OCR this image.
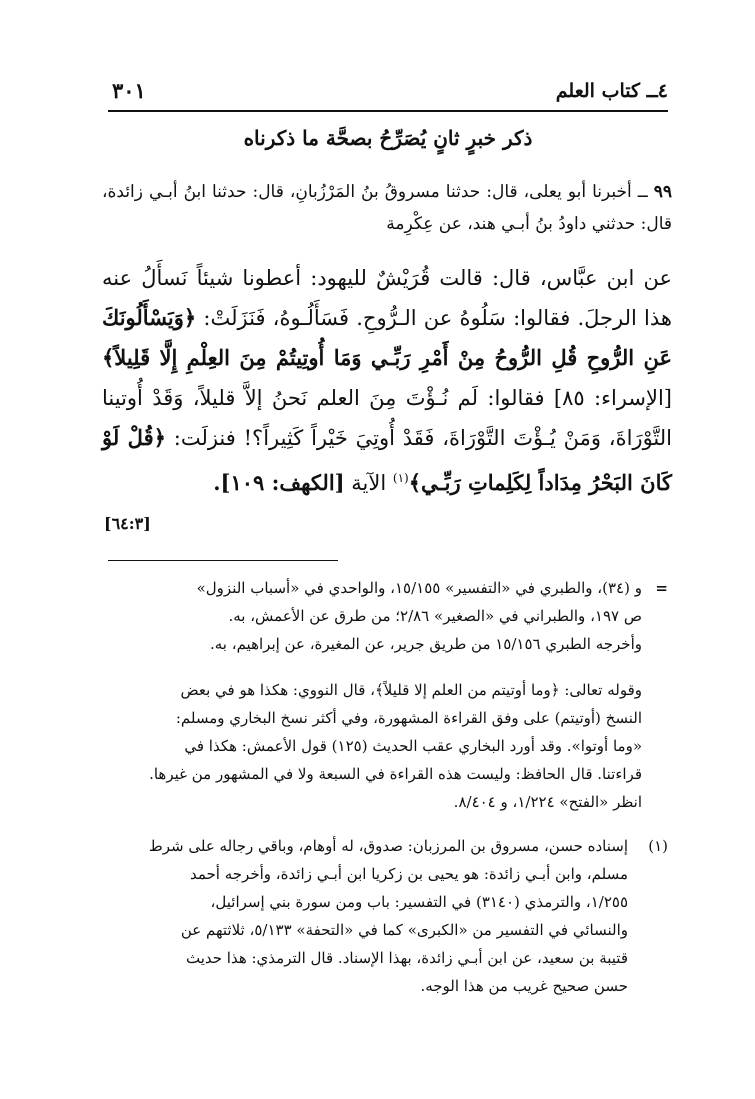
٤ــ كتاب العلم
٣٠١
ذكر خبرٍ ثانٍ يُصَرِّحُ بصحَّة ما ذكرناه
٩٩ ــ أخبرنا أبو يعلى، قال: حدثنا مسروقُ بنُ المَرْزُبانِ، قال: حدثنا ابنُ أبـي زائدة، قال: حدثني داودُ بنُ أبـي هند، عن عِكْرِمة
عن ابن عبَّاس، قال: قالت قُرَيْشٌ لليهود: أعطونا شيئاً نَسأَلُ عنه هذا الرجلَ. فقالوا: سَلُوهُ عن الـرُّوحِ. فَسَأَلُـوهُ، فَنَزَلَتْ: ﴿وَيَسْأَلُونَكَ عَنِ الرُّوحِ قُلِ الرُّوحُ مِنْ أَمْرِ رَبِّـي وَمَا أُوتِيتُمْ مِنَ العِلْمِ إِلَّا قَلِيلاً﴾ [الإسراء: ٨٥] فقالوا: لَم نُـؤْتَ مِنَ العلم نَحنُ إلاَّ قليلاً، وَقَدْ أُوتينا التَّوْرَاةَ، وَمَنْ يُـؤْتَ التَّوْرَاةَ، فَقَدْ أُوتِيَ خَيْراً كَثِيراً؟! فنزلَت: ﴿قُلْ لَوْ كَانَ البَحْرُ مِدَاداً لِكَلِماتِ رَبِّـي﴾$^{(١)}$ الآية [الكهف: ١٠٩].
[٦٤:٣]
=
و (٣٤)، والطبري في «التفسير» ١٥/١٥٥، والواحدي في «أسباب النزول»
ص ١٩٧، والطبراني في «الصغير» ٢/٨٦؛ من طرق عن الأعمش، به.
وأخرجه الطبري ١٥/١٥٦ من طريق جرير، عن المغيرة، عن إبراهيم، به.
وقوله تعالى: ﴿وما أوتيتم من العلم إلا قليلاً﴾، قال النووي: هكذا هو في بعض
النسخ (أوتيتم) على وفق القراءة المشهورة، وفي أكثر نسخ البخاري ومسلم:
«وما أوتوا». وقد أورد البخاري عقب الحديث (١٢٥) قول الأعمش: هكذا في
قراءتنا. قال الحافظ: وليست هذه القراءة في السبعة ولا في المشهور من غيرها.
انظر «الفتح» ١/٢٢٤، و ٨/٤٠٤.
(١)
إسناده حسن، مسروق بن المرزبان: صدوق، له أوهام، وباقي رجاله على شرط
مسلم، وابن أبـي زائدة: هو يحيى بن زكريا ابن أبـي زائدة، وأخرجه أحمد
١/٢٥٥، والترمذي (٣١٤٠) في التفسير: باب ومن سورة بني إسرائيل،
والنسائي في التفسير من «الكبرى» كما في «التحفة» ٥/١٣٣، ثلاثتهم عن
قتيبة بن سعيد، عن ابن أبـي زائدة، بهذا الإسناد. قال الترمذي: هذا حديث
حسن صحيح غريب من هذا الوجه.
